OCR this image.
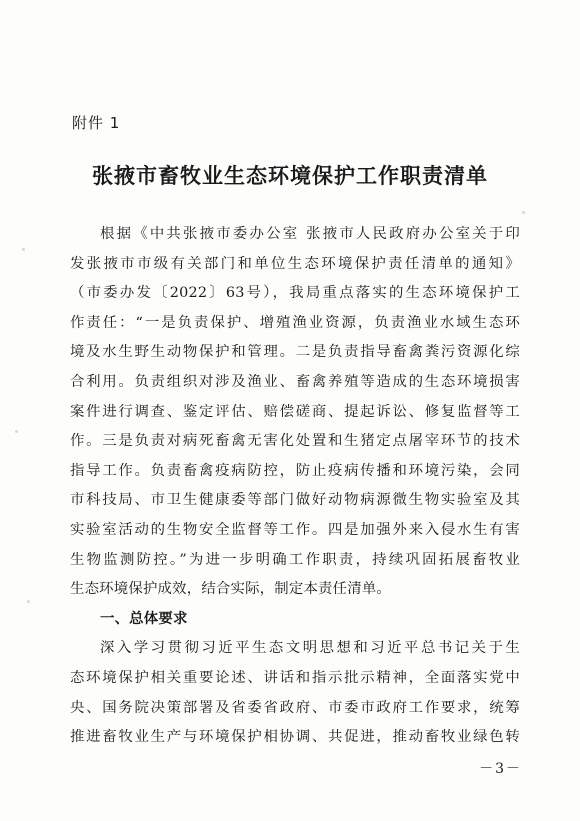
附件 1
张掖市畜牧业生态环境保护工作职责清单
根据《中共张掖市委办公室 张掖市人民政府办公室关于印
发张掖市市级有关部门和单位生态环境保护责任清单的通知》
（市委办发〔2022〕63号），我局重点落实的生态环境保护工
作责任：“一是负责保护、增殖渔业资源，负责渔业水域生态环
境及水生野生动物保护和管理。二是负责指导畜禽粪污资源化综
合利用。负责组织对涉及渔业、畜禽养殖等造成的生态环境损害
案件进行调查、鉴定评估、赔偿磋商、提起诉讼、修复监督等工
作。三是负责对病死畜禽无害化处置和生猪定点屠宰环节的技术
指导工作。负责畜禽疫病防控，防止疫病传播和环境污染，会同
市科技局、市卫生健康委等部门做好动物病源微生物实验室及其
实验室活动的生物安全监督等工作。四是加强外来入侵水生有害
生物监测防控。”为进一步明确工作职责，持续巩固拓展畜牧业
生态环境保护成效，结合实际，制定本责任清单。
一、总体要求
深入学习贯彻习近平生态文明思想和习近平总书记关于生
态环境保护相关重要论述、讲话和指示批示精神，全面落实党中
央、国务院决策部署及省委省政府、市委市政府工作要求，统筹
推进畜牧业生产与环境保护相协调、共促进，推动畜牧业绿色转
－3－
